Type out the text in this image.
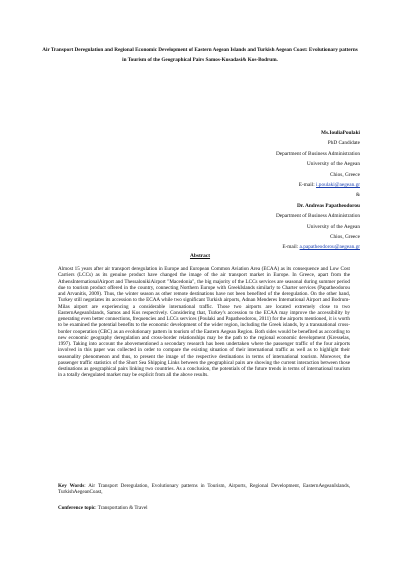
Air Transport Deregulation and Regional Economic Development of Eastern Aegean Islands and Turkish Aegean Coast: Evolutionary patterns in Tourism of the Geographical Pairs Samos-Kusadasi& Kos-Bodrum.
Ms.IouliaPoulaki
PhD Candidate
Department of Business Administration
University of the Aegean
Chios, Greece
E-mail: i.poulaki@aegean.gr
&
Dr. Andreas Papatheodorou
Department of Business Administration
University of the Aegean
Chios, Greece
E-mail: a.papatheodorou@aegean.gr
Abstract
Almost 15 years after air transport deregulation in Europe and European Common Aviation Area (ECAA) as its consequence and Low Cost Carriers (LCCs) as its genuine product have changed the image of the air transport market in Europe. In Greece, apart from the AthensInternationalAirport and ThessalonikiAirport "Macedonia", the big majority of the LCCs services are seasonal during summer period due to tourism product offered in the country, connecting Northern Europe with GreekIslands similarly to Charter services (Papatheodorou and Arvanitis, 2009). Thus, the winter season as other remote destinations have not been benefited of the deregulation. On the other hand, Turkey still negotiates its accession to the ECAA while two significant Turkish airports, Adnan Menderes International Airport and Bodrum-Milas airport are experiencing a considerable international traffic. Those two airports are located extremely close to two EasternAegeanIslands, Samos and Kos respectively. Considering that, Turkey's accession to the ECAA may improve the accessibility by generating even better connections, frequencies and LCCs services (Poulaki and Papatheodorou, 2011) for the airports mentioned, it is worth to be examined the potential benefits to the economic development of the wider region, including the Greek islands, by a transnational cross-border cooperation (CBC) as an evolutionary pattern in tourism of the Eastern Aegean Region. Both sides would be benefited as according to new economic geography deregulation and cross-border relationships may be the path to the regional economic development (Kresselas, 1997). Taking into account the abovementioned a secondary research has been undertaken where the passenger traffic of the four airports involved in this paper was collected in order to compare the existing situation of their international traffic as well as to highlight their seasonality phenomenon and thus, to present the image of the respective destinations in terms of international tourism. Moreover, the passenger traffic statistics of the Short Sea Shipping Links between the geographical pairs are showing the current interaction between those destinations as geographical pairs linking two countries. As a conclusion, the potentials of the future trends in terms of international tourism in a totally deregulated market may be explicit from all the above results.
Key Words: Air Transport Deregulation, Evolutionary patterns in Tourism, Airports, Regional Development, EasternAegeanIslands, TurkishAegeanCoast,
Conference topic: Transportation & Travel
